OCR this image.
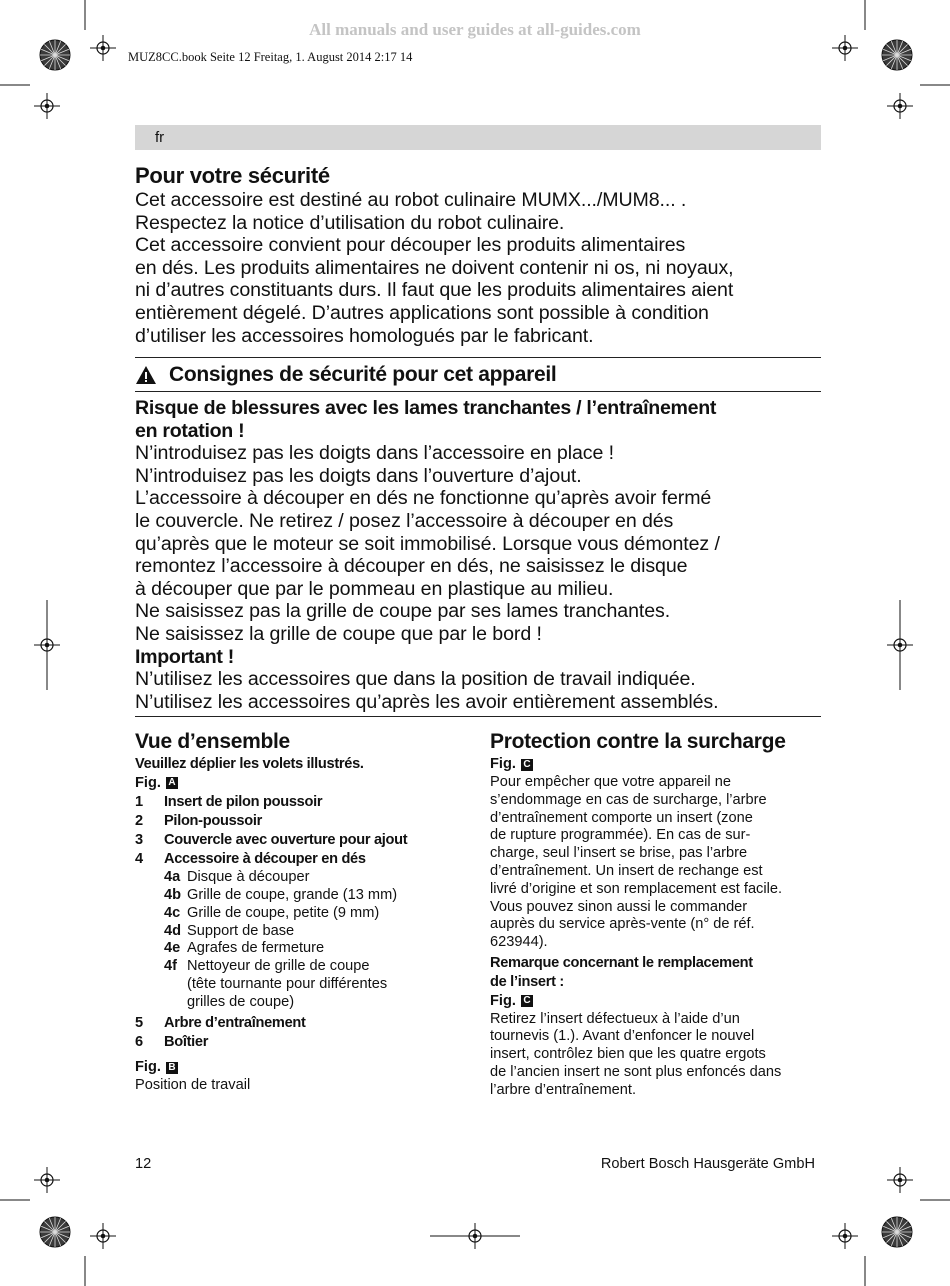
All manuals and user guides at all-guides.com
MUZ8CC.book Seite 12 Freitag, 1. August 2014 2:17 14
fr
Pour votre sécurité
Cet accessoire est destiné au robot culinaire MUMX.../MUM8... .
Respectez la notice d’utilisation du robot culinaire.
Cet accessoire convient pour découper les produits alimentaires
en dés. Les produits alimentaires ne doivent contenir ni os, ni noyaux,
ni d’autres constituants durs. Il faut que les produits alimentaires aient
entièrement dégelé. D’autres applications sont possible à condition
d’utiliser les accessoires homologués par le fabricant.
Consignes de sécurité pour cet appareil
Risque de blessures avec les lames tranchantes / l’entraînement
en rotation !
N’introduisez pas les doigts dans l’accessoire en place !
N’introduisez pas les doigts dans l’ouverture d’ajout.
L’accessoire à découper en dés ne fonctionne qu’après avoir fermé
le couvercle. Ne retirez / posez l’accessoire à découper en dés
qu’après que le moteur se soit immobilisé. Lorsque vous démontez /
remontez l’accessoire à découper en dés, ne saisissez le disque
à découper que par le pommeau en plastique au milieu.
Ne saisissez pas la grille de coupe par ses lames tranchantes.
Ne saisissez la grille de coupe que par le bord !
Important !
N’utilisez les accessoires que dans la position de travail indiquée.
N’utilisez les accessoires qu’après les avoir entièrement assemblés.
Vue d’ensemble
Veuillez déplier les volets illustrés.
Fig. A
1	Insert de pilon poussoir
2	Pilon-poussoir
3	Couvercle avec ouverture pour ajout
4	Accessoire à découper en dés
4a Disque à découper
4b Grille de coupe, grande (13 mm)
4c Grille de coupe, petite (9 mm)
4d Support de base
4e Agrafes de fermeture
4f Nettoyeur de grille de coupe
(tête tournante pour différentes
grilles de coupe)
5	Arbre d’entraînement
6	Boîtier
Fig. B
Position de travail
Protection contre la surcharge
Fig. C
Pour empêcher que votre appareil ne
s’endommage en cas de surcharge, l’arbre
d’entraînement comporte un insert (zone
de rupture programmée). En cas de sur-
charge, seul l’insert se brise, pas l’arbre
d’entraînement. Un insert de rechange est
livré d’origine et son remplacement est facile.
Vous pouvez sinon aussi le commander
auprès du service après-vente (n° de réf.
623944).
Remarque concernant le remplacement
de l’insert :
Fig. C
Retirez l’insert défectueux à l’aide d’un
tournevis (1.). Avant d’enfoncer le nouvel
insert, contrôlez bien que les quatre ergots
de l’ancien insert ne sont plus enfoncés dans
l’arbre d’entraînement.
12	Robert Bosch Hausgeräte GmbH
